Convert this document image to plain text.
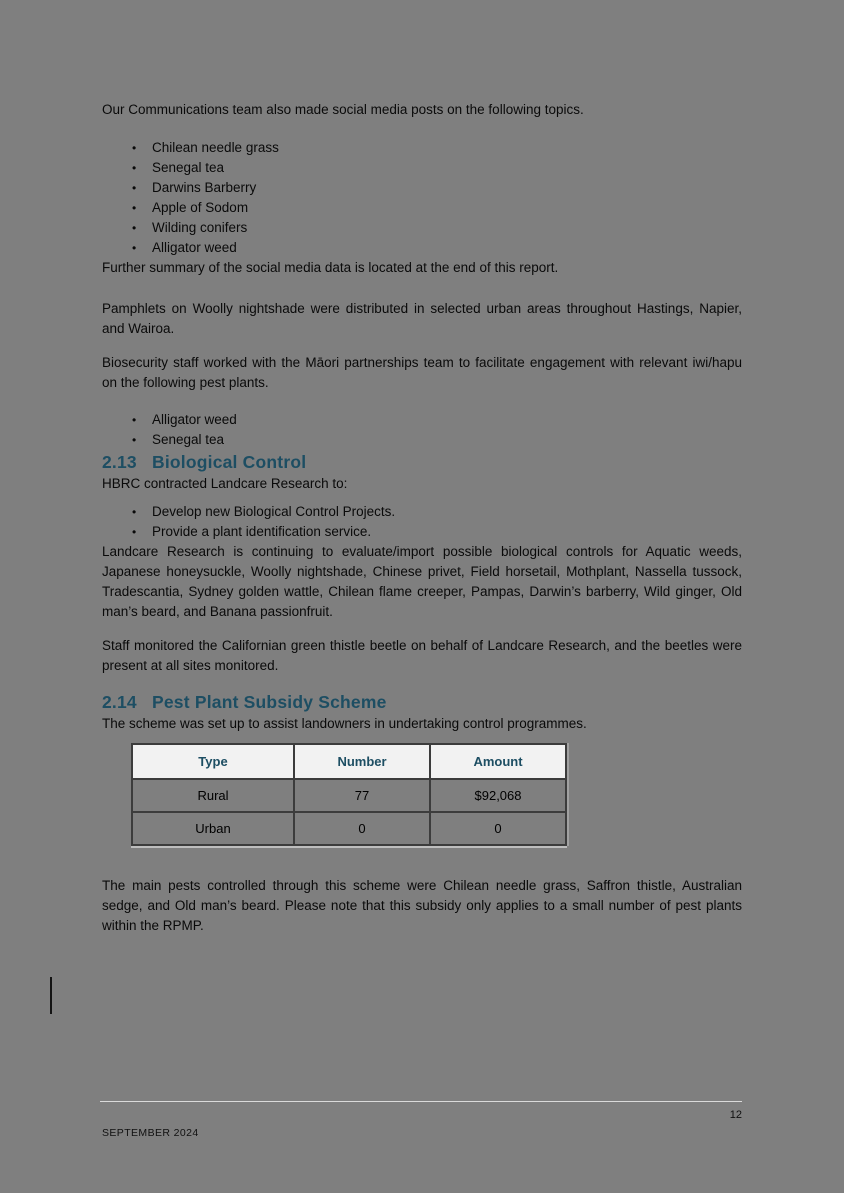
Our Communications team also made social media posts on the following topics.

• Chilean needle grass
• Senegal tea
• Darwins Barberry
• Apple of Sodom
• Wilding conifers
• Alligator weed

Further summary of the social media data is located at the end of this report.

Pamphlets on Woolly nightshade were distributed in selected urban areas throughout Hastings, Napier, and Wairoa.

Biosecurity staff worked with the Māori partnerships team to facilitate engagement with relevant iwi/hapu on the following pest plants.

• Alligator weed
• Senegal tea
2.13 Biological Control

HBRC contracted Landcare Research to:

• Develop new Biological Control Projects.
• Provide a plant identification service.

Landcare Research is continuing to evaluate/import possible biological controls for Aquatic weeds, Japanese honeysuckle, Woolly nightshade, Chinese privet, Field horsetail, Mothplant, Nassella tussock, Tradescantia, Sydney golden wattle, Chilean flame creeper, Pampas, Darwin’s barberry, Wild ginger, Old man’s beard, and Banana passionfruit.

Staff monitored the Californian green thistle beetle on behalf of Landcare Research, and the beetles were present at all sites monitored.

2.14 Pest Plant Subsidy Scheme

The scheme was set up to assist landowners in undertaking control programmes.

Type	Number	Amount
Rural	77	$92,068
Urban	0	0

The main pests controlled through this scheme were Chilean needle grass, Saffron thistle, Australian sedge, and Old man’s beard. Please note that this subsidy only applies to a small number of pest plants within the RPMP.

12
SEPTEMBER 2024
